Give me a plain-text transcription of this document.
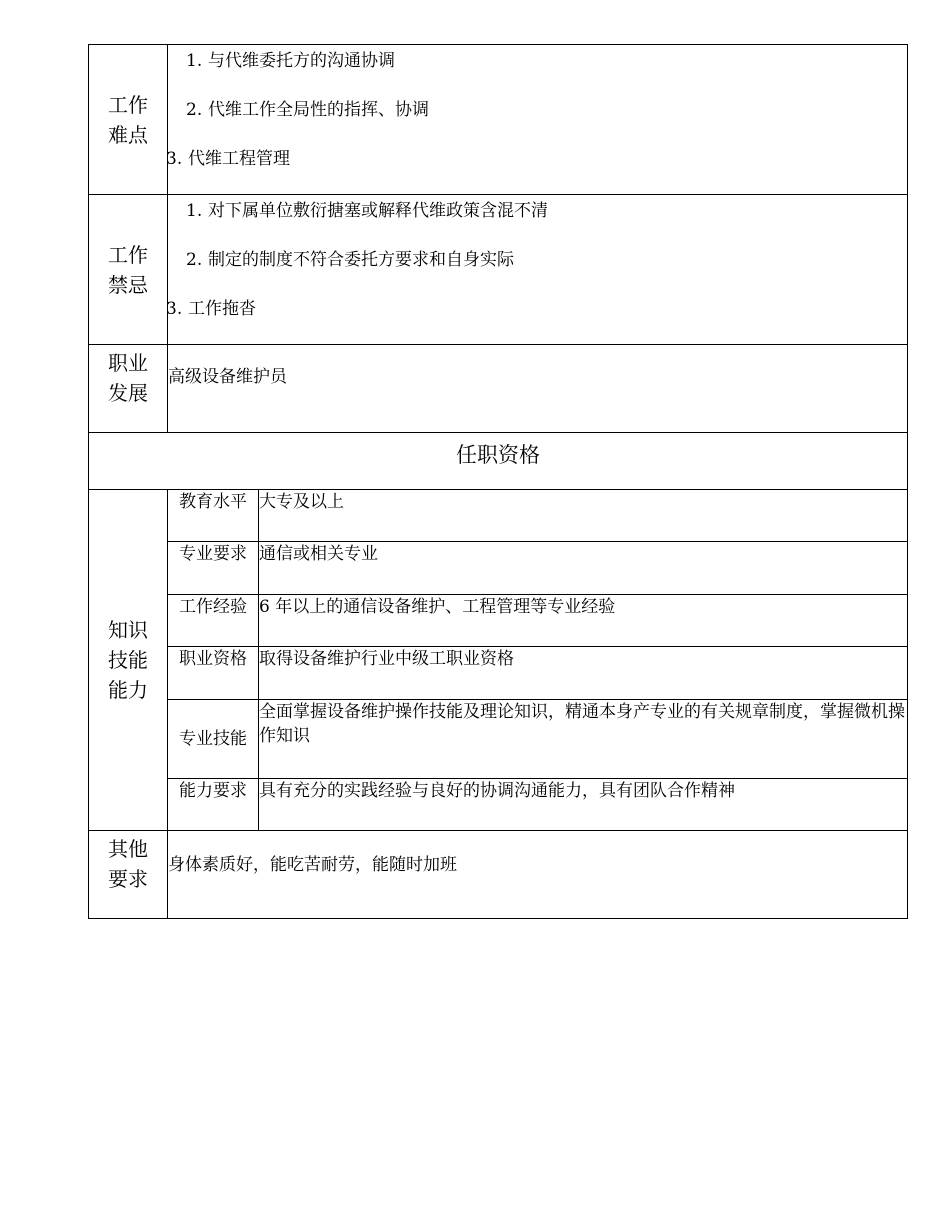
工作难点	1. 与代维委托方的沟通协调
2. 代维工作全局性的指挥、协调
3. 代维工程管理	

工作禁忌	1. 对下属单位敷衍搪塞或解释代维政策含混不清
2. 制定的制度不符合委托方要求和自身实际
3. 工作拖沓	

职业发展	高级设备维护员	

任职资格		

知识技能能力	教育水平	大专及以上
	专业要求	通信或相关专业
	工作经验	6 年以上的通信设备维护、工程管理等专业经验
	职业资格	取得设备维护行业中级工职业资格
	专业技能	全面掌握设备维护操作技能及理论知识，精通本身产专业的有关规章制度，掌握微机操作知识
	能力要求	具有充分的实践经验与良好的协调沟通能力，具有团队合作精神
其他要求	身体素质好，能吃苦耐劳，能随时加班	
